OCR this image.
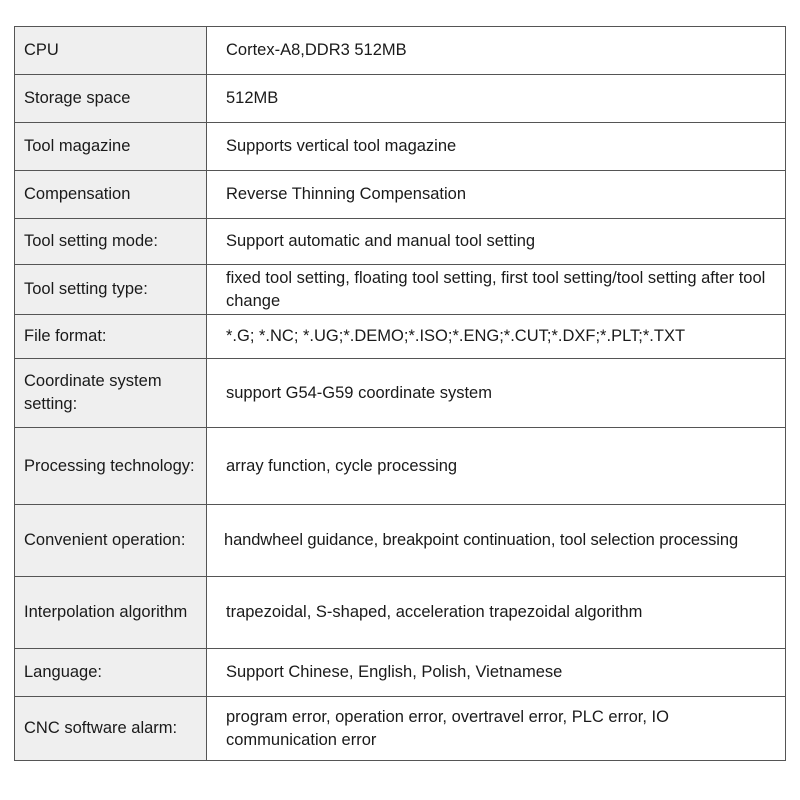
CPU	Cortex-A8,DDR3 512MB

Storage space	512MB

Tool magazine	Supports vertical tool magazine

Compensation	Reverse Thinning Compensation

Tool setting mode:	Support automatic and manual tool setting

Tool setting type:	fixed tool setting, floating tool setting, first tool setting/tool setting after tool change

File format:	*.G; *.NC; *.UG;*.DEMO;*.ISO;*.ENG;*.CUT;*.DXF;*.PLT;*.TXT

Coordinate system setting:	support G54-G59 coordinate system

Processing technology:	array function, cycle processing

Convenient operation:	handwheel guidance, breakpoint continuation, tool selection processing

Interpolation algorithm	trapezoidal, S-shaped, acceleration trapezoidal algorithm

Language:	Support Chinese, English, Polish, Vietnamese

CNC software alarm:	program error, operation error, overtravel error, PLC error, IO communication error
